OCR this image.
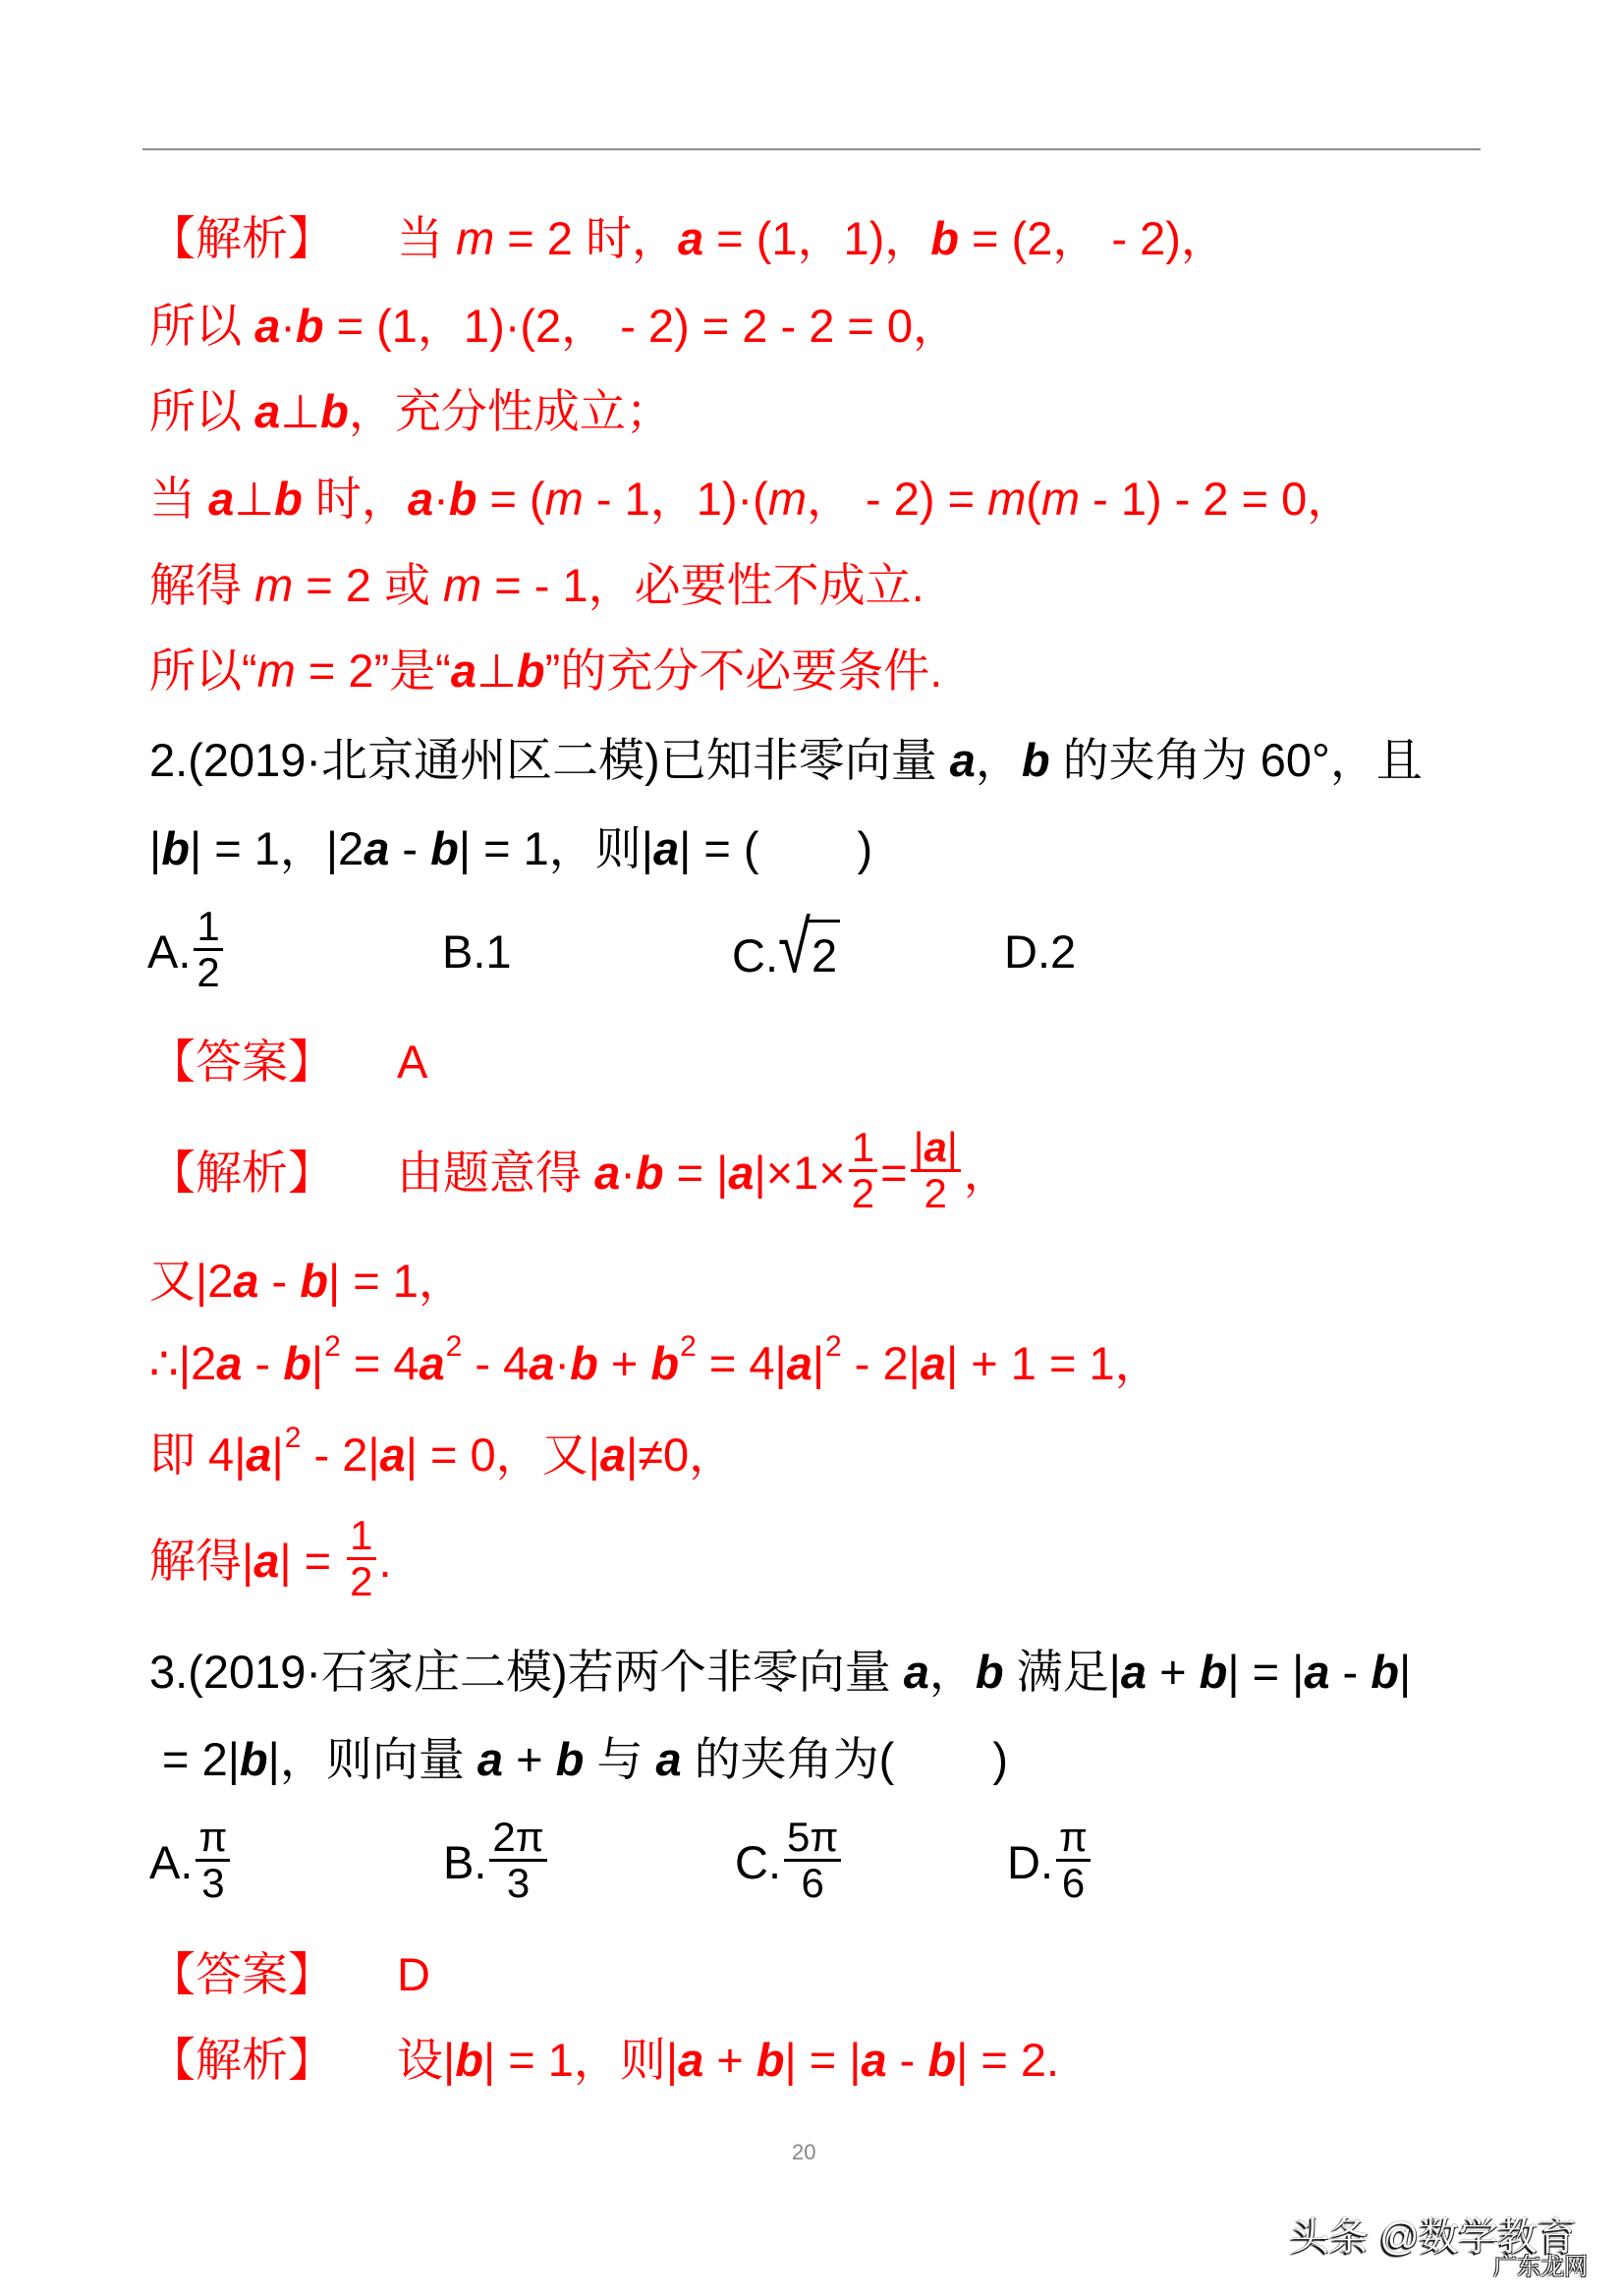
【解析】 当 m = 2 时，a = (1，1)，b = (2， - 2)，
所以 a·b = (1，1)·(2， - 2) = 2 - 2 = 0，
所以 a⊥b，充分性成立；
当 a⊥b 时，a·b = (m - 1，1)·(m， - 2) = m(m - 1) - 2 = 0，
解得 m = 2 或 m = - 1，必要性不成立.
所以“m = 2”是“a⊥b”的充分不必要条件.
2.(2019·北京通州区二模)已知非零向量 a，b 的夹角为 60°，且
|b| = 1，|2a - b| = 1，则|a| = ( )
A. $\frac{1}{2}$	B.1	C.√2	D.2
【答案】 A
【解析】 由题意得 $a\cdot b = |a|\times 1\times \frac{1}{2} = \frac{|a|}{2}$ ，
又|2a - b| = 1，
∴|2a - $b|^2 = 4a^2 - 4a\cdot b + b^2 = 4|a|^2 - 2|a| + 1 = 1$，
即 $4|a|^2 - 2|a| = 0$，又|a|≠0，
解得$|a| = \frac{1}{2}$ .
3.(2019·石家庄二模)若两个非零向量 a，b 满足|a + b| = |a - b|
= 2|b|，则向量 a + b 与 a 的夹角为( )
A. $\frac{\pi}{3}$	B. $\frac{2\pi}{3}$	C. $\frac{5\pi}{6}$	D. $\frac{\pi}{6}$
【答案】 D
【解析】 设|b| = 1，则|a + b| = |a - b| = 2.
20
头条 @数学教育
广东龙网
